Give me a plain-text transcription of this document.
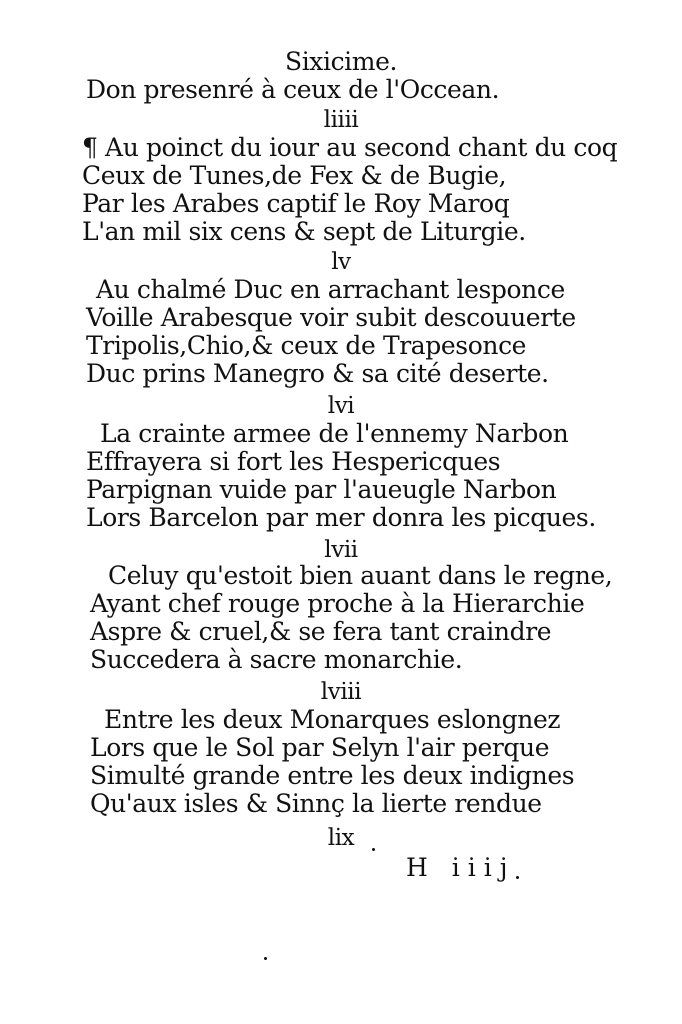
Sixicime.
Don presenré à ceux de l'Occean.
liiii
¶ Au poinct du iour au second chant du coq
Ceux de Tunes,de Fex & de Bugie,
Par les Arabes captif le Roy Maroq
L'an mil six cens & sept de Liturgie.
lv
Au chalmé Duc en arrachant lesponce
Voille Arabesque voir subit descouuerte
Tripolis,Chio,& ceux de Trapesonce
Duc prins Manegro & sa cité deserte.
lvi
La crainte armee de l'ennemy Narbon
Effrayera si fort les Hespericques
Parpignan vuide par l'aueugle Narbon
Lors Barcelon par mer donra les picques.
lvii
Celuy qu'estoit bien auant dans le regne,
Ayant chef rouge proche à la Hierarchie
Aspre & cruel,& se fera tant craindre
Succedera à sacre monarchie.
lviii
Entre les deux Monarques eslongnez
Lors que le Sol par Selyn l'air perque
Simulté grande entre les deux indignes
Qu'aux isles & Sinnç la lierte rendue
lix
H iiij
